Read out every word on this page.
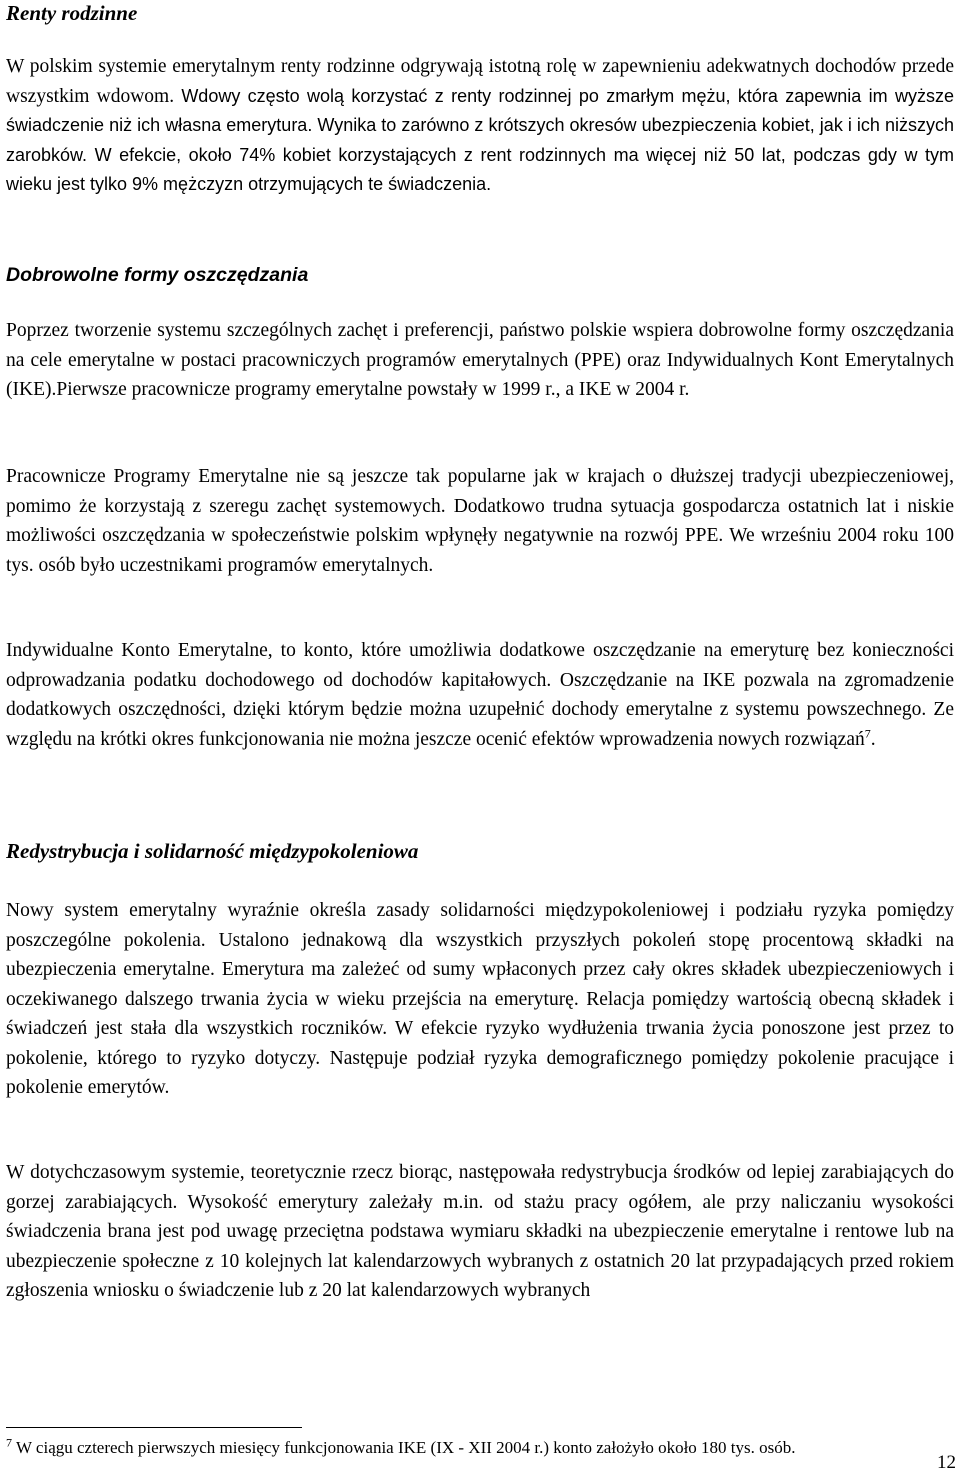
Renty rodzinne

W polskim systemie emerytalnym renty rodzinne odgrywają istotną rolę w zapewnieniu adekwatnych dochodów przede wszystkim wdowom. Wdowy często wolą korzystać z renty rodzinnej po zmarłym mężu, która zapewnia im wyższe świadczenie niż ich własna emerytura. Wynika to zarówno z krótszych okresów ubezpieczenia kobiet, jak i ich niższych zarobków. W efekcie, około 74% kobiet korzystających z rent rodzinnych ma więcej niż 50 lat, podczas gdy w tym wieku jest tylko 9% mężczyzn otrzymujących te świadczenia.

Dobrowolne formy oszczędzania

Poprzez tworzenie systemu szczególnych zachęt i preferencji, państwo polskie wspiera dobrowolne formy oszczędzania na cele emerytalne w postaci pracowniczych programów emerytalnych (PPE) oraz Indywidualnych Kont Emerytalnych (IKE).Pierwsze pracownicze programy emerytalne powstały w 1999 r., a IKE w 2004 r.

Pracownicze Programy Emerytalne nie są jeszcze tak popularne jak w krajach o dłuższej tradycji ubezpieczeniowej, pomimo że korzystają z szeregu zachęt systemowych. Dodatkowo trudna sytuacja gospodarcza ostatnich lat i niskie możliwości oszczędzania w społeczeństwie polskim wpłynęły negatywnie na rozwój PPE. We wrześniu 2004 roku 100 tys. osób było uczestnikami programów emerytalnych.

Indywidualne Konto Emerytalne, to konto, które umożliwia dodatkowe oszczędzanie na emeryturę bez konieczności odprowadzania podatku dochodowego od dochodów kapitałowych. Oszczędzanie na IKE pozwala na zgromadzenie dodatkowych oszczędności, dzięki którym będzie można uzupełnić dochody emerytalne z systemu powszechnego. Ze względu na krótki okres funkcjonowania nie można jeszcze ocenić efektów wprowadzenia nowych rozwiązań$^7$.

Redystrybucja i solidarność międzypokoleniowa

Nowy system emerytalny wyraźnie określa zasady solidarności międzypokoleniowej i podziału ryzyka pomiędzy poszczególne pokolenia. Ustalono jednakową dla wszystkich przyszłych pokoleń stopę procentową składki na ubezpieczenia emerytalne. Emerytura ma zależeć od sumy wpłaconych przez cały okres składek ubezpieczeniowych i oczekiwanego dalszego trwania życia w wieku przejścia na emeryturę. Relacja pomiędzy wartością obecną składek i świadczeń jest stała dla wszystkich roczników. W efekcie ryzyko wydłużenia trwania życia ponoszone jest przez to pokolenie, którego to ryzyko dotyczy. Następuje podział ryzyka demograficznego pomiędzy pokolenie pracujące i pokolenie emerytów.

W dotychczasowym systemie, teoretycznie rzecz biorąc, następowała redystrybucja środków od lepiej zarabiających do gorzej zarabiających. Wysokość emerytury zależały m.in. od stażu pracy ogółem, ale przy naliczaniu wysokości świadczenia brana jest pod uwagę przeciętna podstawa wymiaru składki na ubezpieczenie emerytalne i rentowe lub na ubezpieczenie społeczne z 10 kolejnych lat kalendarzowych wybranych z ostatnich 20 lat przypadających przed rokiem zgłoszenia wniosku o świadczenie lub z 20 lat kalendarzowych wybranych

$^7$ W ciągu czterech pierwszych miesięcy funkcjonowania IKE (IX - XII 2004 r.) konto założyło około 180 tys. osób.

12
